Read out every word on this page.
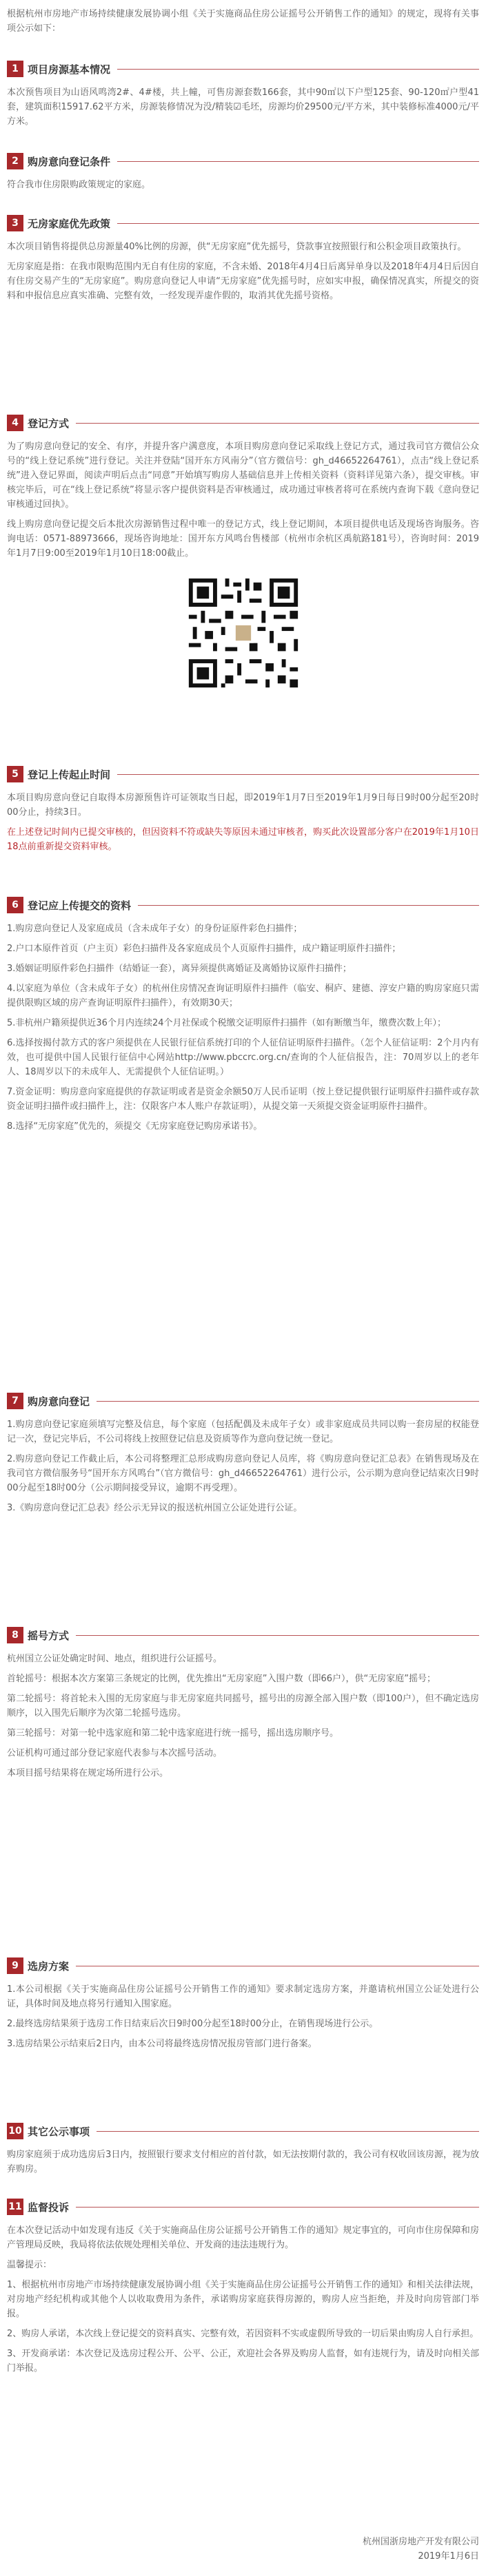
根据杭州市房地产市场持续健康发展协调小组《关于实施商品住房公证摇号公开销售工作的通知》的规定，现将有关事项公示如下：

1 项目房源基本情况

本次预售项目为山语风鸣湾2#、4#楼，共上幢，可售房源套数166套，其中90㎡以下户型125套、90-120㎡户型41套，建筑面积15917.62平方米，房源装修情况为没/精装☑毛坯，房源均价29500元/平方米，其中装修标准4000元/平方米。

2 购房意向登记条件

符合我市住房限购政策规定的家庭。

3 无房家庭优先政策

本次项目销售将提供总房源量40%比例的房源，供“无房家庭”优先摇号，贷款事宜按照银行和公积金项目政策执行。

无房家庭是指：在我市限购范围内无自有住房的家庭，不含未婚、2018年4月4日后离异单身以及2018年4月4日后因自有住房交易产生的“无房家庭”。购房意向登记人申请“无房家庭”优先摇号时，应如实申报，确保情况真实，所提交的资料和申报信息应真实准确、完整有效，一经发现弄虚作假的，取消其优先摇号资格。

4 登记方式

为了购房意向登记的安全、有序，并提升客户满意度，本项目购房意向登记采取线上登记方式，通过我司官方微信公众号的“线上登记系统”进行登记。关注并登陆“国开东方风南分”（官方微信号：gh_d46652264761），点击“线上登记系统”进入登记界面，阅读声明后点击“同意”开始填写购房人基础信息并上传相关资料（资料详见第六条），提交审核。审核完毕后，可在“线上登记系统”将显示客户提供资料是否审核通过，成功通过审核者将可在系统内查询下载《意向登记审核通过回执》。

线上购房意向登记提交后本批次房源销售过程中唯一的登记方式，线上登记期间，本项目提供电话及现场咨询服务。咨询电话：0571-88973666，现场咨询地址：国开东方风鸣台售楼部（杭州市余杭区禹航路181号），咨询时间：2019年1月7日9:00至2019年1月10日18:00截止。

5 登记上传起止时间

本项目购房意向登记自取得本房源预售许可证领取当日起，即2019年1月7日至2019年1月9日每日9时00分起至20时00分止，持续3日。

在上述登记时间内已提交审核的，但因资料不符或缺失等原因未通过审核者，购买此次设置部分客户在2019年1月10日18点前重新提交资料审核。

6 登记应上传提交的资料

1.购房意向登记人及家庭成员（含未成年子女）的身份证原件彩色扫描件；

2.户口本原件首页（户主页）彩色扫描件及各家庭成员个人页原件扫描件，成户籍证明原件扫描件；

3.婚姻证明原件彩色扫描件（结婚证一套），离异须提供离婚证及离婚协议原件扫描件；

4.以家庭为单位（含未成年子女）的杭州住房情况查询证明原件扫描件（临安、桐庐、建德、淳安户籍的购房家庭只需提供限购区域的房产查询证明原件扫描件），有效期30天；

5.非杭州户籍须提供近36个月内连续24个月社保或个税缴交证明原件扫描件（如有断缴当年，缴费次数上年）；

6.选择按揭付款方式的客户须提供在人民银行征信系统打印的个人征信证明原件扫描件。（怎个人征信证明：2个月内有效，也可提供中国人民银行征信中心网站http://www.pbccrc.org.cn/查询的个人征信报告，注：70周岁以上的老年人、18周岁以下的未成年人、无需提供个人征信证明。）

7.资金证明：购房意向家庭提供的存款证明或者是资金余额50万人民币证明（按上登记提供银行证明原件扫描件或存款资金证明扫描件或扫描件上，注：仅限客户本人账户存款证明），从提交第一天须提交资金证明原件扫描件。

8.选择“无房家庭”优先的，须提交《无房家庭登记购房承诺书》。

7 购房意向登记

1.购房意向登记家庭须填写完整及信息，每个家庭（包括配偶及未成年子女）或非家庭成员共同以购一套房屋的权能登记一次，登记完毕后，不公司将线上按照登记信息及资质等作为意向登记统一登记。

2.购房意向登记工作截止后，本公司将整理汇总形成购房意向登记人员库，将《购房意向登记汇总表》在销售现场及在我司官方微信服务号“国开东方风鸣台”（官方微信号：gh_d46652264761）进行公示，公示期为意向登记结束次日9时00分起至18时00分（公示期间接受异议，逾期不再受理）。

3.《购房意向登记汇总表》经公示无异议的报送杭州国立公证处进行公证。

8 摇号方式

杭州国立公证处确定时间、地点，组织进行公证摇号。

首轮摇号：根据本次方案第三条规定的比例，优先推出“无房家庭”入围户数（即66户），供“无房家庭”摇号；

第二轮摇号：将首轮未入围的无房家庭与非无房家庭共同摇号，摇号出的房源全部入围户数（即100户），但不确定选房顺序，以入围先后顺序为次第二轮摇号选房。

第三轮摇号：对第一轮中选家庭和第二轮中选家庭进行统一摇号，摇出选房顺序号。

公证机构可通过部分登记家庭代表参与本次摇号活动。

本项目摇号结果将在规定场所进行公示。

9 选房方案

1.本公司根据《关于实施商品住房公证摇号公开销售工作的通知》要求制定选房方案，并邀请杭州国立公证处进行公证，具体时间及地点将另行通知入围家庭。

2.最终选房结果须于选房工作日结束后次日9时00分起至18时00分止，在销售现场进行公示。

3.选房结果公示结束后2日内，由本公司将最终选房情况报房管部门进行备案。

10 其它公示事项

购房家庭须于成功选房后3日内，按照银行要求支付相应的首付款，如无法按期付款的，我公司有权收回该房源，视为放弃购房。

11 监督投诉

在本次登记活动中如发现有违反《关于实施商品住房公证摇号公开销售工作的通知》规定事宜的，可向市住房保障和房产管理局反映，我局将依法依规处理相关单位、开发商的违法违规行为。

温馨提示：

1、根据杭州市房地产市场持续健康发展协调小组《关于实施商品住房公证摇号公开销售工作的通知》和相关法律法规，对房地产经纪机构或其他个人以收取费用为条件，承诺购房家庭获得房源的，购房人应当拒绝，并及时向房管部门举报。

2、购房人承诺，本次线上登记提交的资料真实、完整有效，若因资料不实或虚假所导致的一切后果由购房人自行承担。

3、开发商承诺：本次登记及选房过程公开、公平、公正，欢迎社会各界及购房人监督，如有违规行为，请及时向相关部门举报。

杭州国浙房地产开发有限公司

2019年1月6日
